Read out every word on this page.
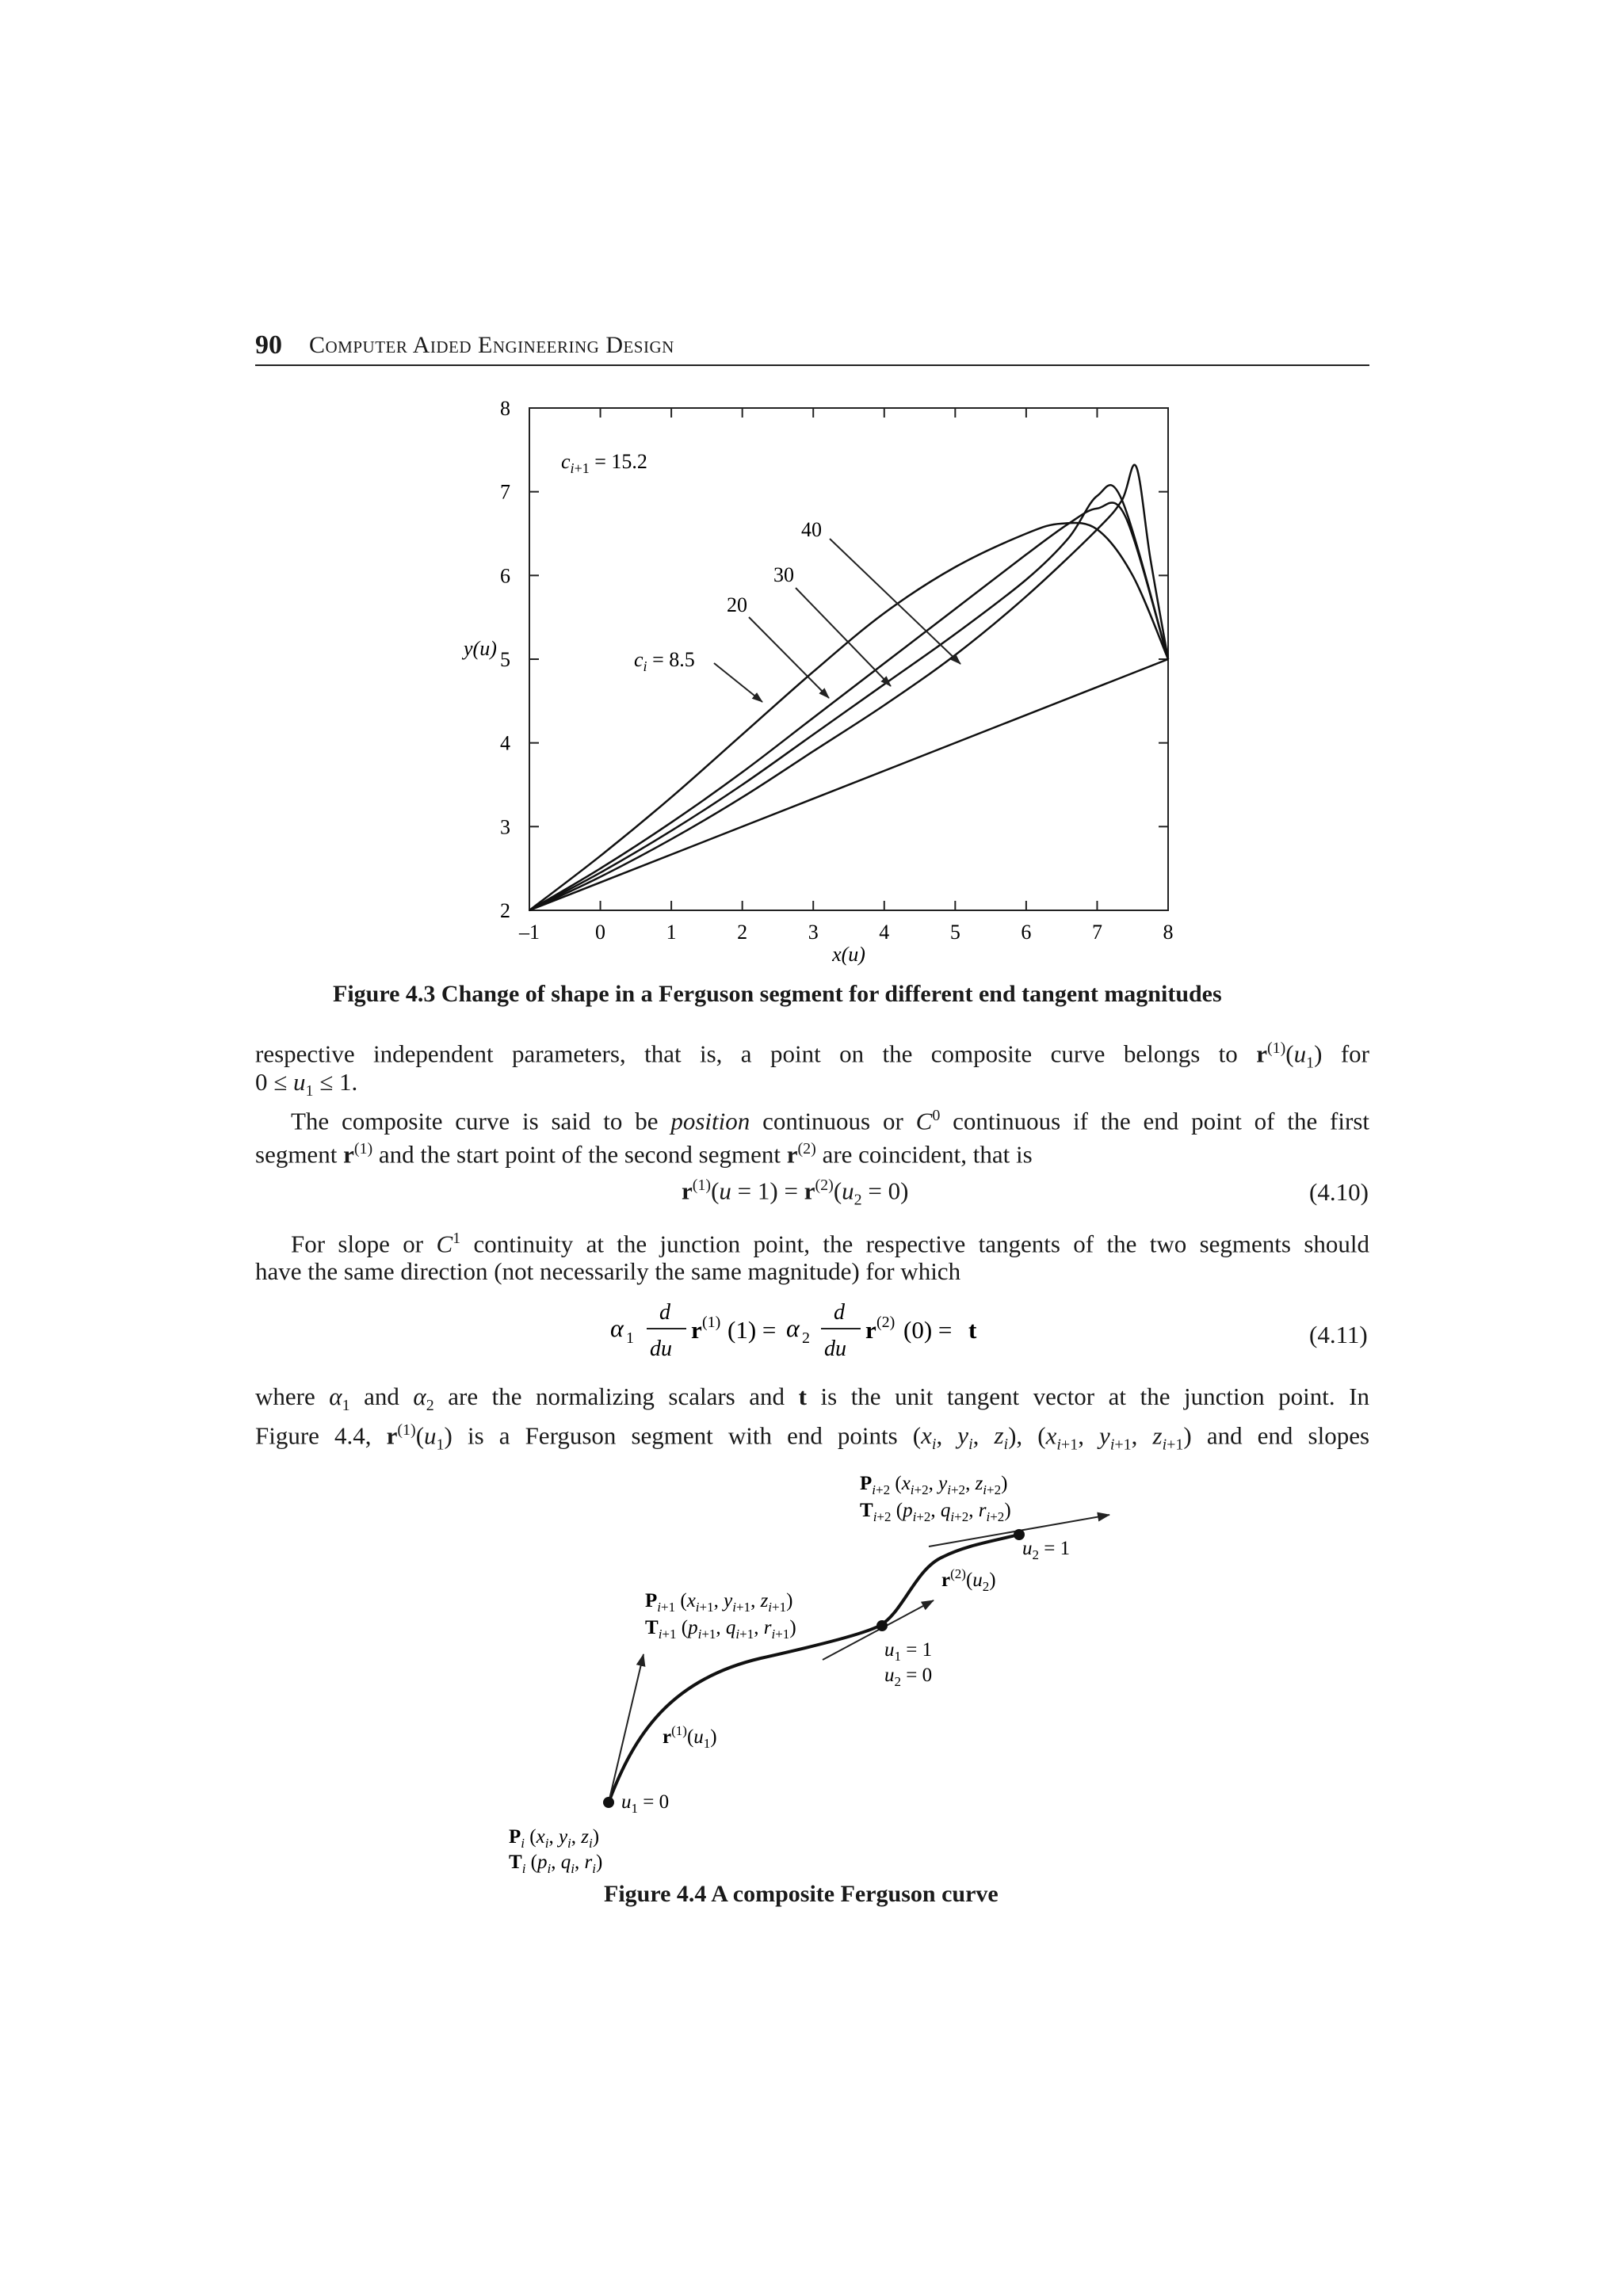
90 Computer Aided Engineering Design
–1	0	1	2	3	4	5	6	7	8
2
3
4
5
6
7
8
y(u)
x(u)
$c_i+1 = 15.2$
$c_i = 8.5$
20
30
40
Figure 4.3 Change of shape in a Ferguson segment for different end tangent magnitudes
respective independent parameters, that is, a point on the composite curve belongs to $r^{(1)}(u_1)$ for
$0 \le u_1 \le 1$.
The composite curve is said to be position continuous or $C^0$ continuous if the end point of the first
segment $r^{(1)}$ and the start point of the second segment $r^{(2)}$ are coincident, that is
$r^{(1)}(u = 1) = r^{(2)}(u_2 = 0)$	(4.10)
For slope or $C^1$ continuity at the junction point, the respective tangents of the two segments should
have the same direction (not necessarily the same magnitude) for which
α 1
d
du
r (1) (1) = α 2
d
du
r (2) (0) = t	(4.11)
where $\alpha_1$ and $\alpha_2$ are the normalizing scalars and t is the unit tangent vector at the junction point. In
Figure 4.4, $r^{(1)}(u_1)$ is a Ferguson segment with end points ($x_i$, $y_i$, $z_i$), ($x_{i+1}$, $y_{i+1}$, $z_{i+1}$) and end slopes
$P_i+2$ ($x_{i+2}$, $y_{i+2}$, $z_{i+2}$)
$T_i+2$ ($p_{i+2}$, $q_{i+2}$, $r_{i+2}$)
$u_2 = 1$
$r^{(2)}(u_2)$
$P_i+1$ ($x_{i+1}$, $y_{i+1}$, $z_{i+1}$)
$T_i+1$ ($p_{i+1}$, $q_{i+1}$, $r_{i+1}$)
$u_1 = 1$
$u_2 = 0$
$r^{(1)}(u_1)$
$u_1 = 0$
$P_i$ ($x_i$, $y_i$, $z_i$)
$T_i$ ($p_i$, $q_i$, $r_i$)
Figure 4.4 A composite Ferguson curve
